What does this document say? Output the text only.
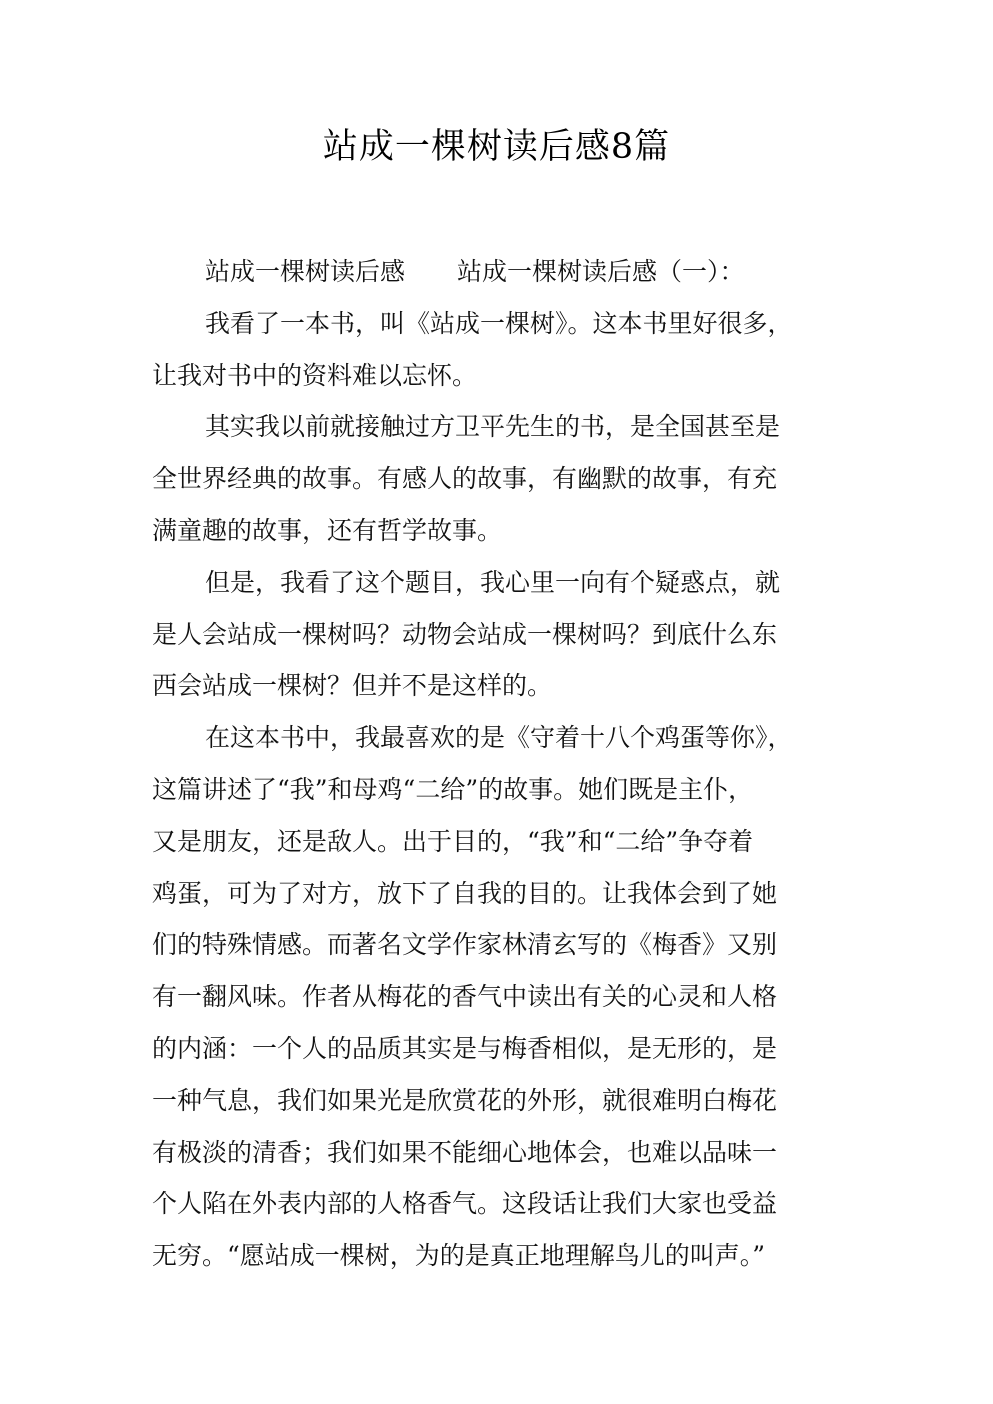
站成一棵树读后感8篇
站成一棵树读后感 站成一棵树读后感（一）：
我看了一本书，叫《站成一棵树》。这本书里好很多，
让我对书中的资料难以忘怀。
其实我以前就接触过方卫平先生的书，是全国甚至是
全世界经典的故事。有感人的故事，有幽默的故事，有充
满童趣的故事，还有哲学故事。
但是，我看了这个题目，我心里一向有个疑惑点，就
是人会站成一棵树吗？动物会站成一棵树吗？到底什么东
西会站成一棵树？但并不是这样的。
在这本书中，我最喜欢的是《守着十八个鸡蛋等你》，
这篇讲述了“我”和母鸡“二给”的故事。她们既是主仆，
又是朋友，还是敌人。出于目的，“我”和“二给”争夺着
鸡蛋，可为了对方，放下了自我的目的。让我体会到了她
们的特殊情感。而著名文学作家林清玄写的《梅香》又别
有一翻风味。作者从梅花的香气中读出有关的心灵和人格
的内涵：一个人的品质其实是与梅香相似，是无形的，是
一种气息，我们如果光是欣赏花的外形，就很难明白梅花
有极淡的清香；我们如果不能细心地体会，也难以品味一
个人陷在外表内部的人格香气。这段话让我们大家也受益
无穷。“愿站成一棵树，为的是真正地理解鸟儿的叫声。”
